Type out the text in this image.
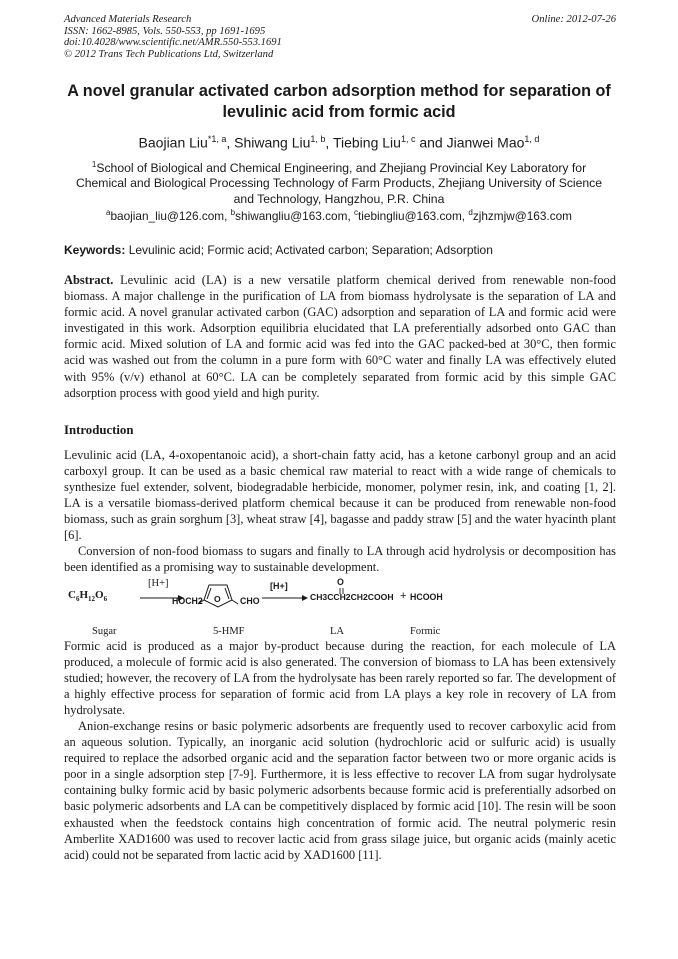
Advanced Materials Research
ISSN: 1662-8985, Vols. 550-553, pp 1691-1695
doi:10.4028/www.scientific.net/AMR.550-553.1691
© 2012 Trans Tech Publications Ltd, Switzerland
Online: 2012-07-26
A novel granular activated carbon adsorption method for separation of
levulinic acid from formic acid
Baojian Liu$^{*1, a}$, Shiwang Liu$^{1, b}$, Tiebing Liu$^{1, c}$ and Jianwei Mao$^{1, d}$
$^1$School of Biological and Chemical Engineering, and Zhejiang Provincial Key Laboratory for
Chemical and Biological Processing Technology of Farm Products, Zhejiang University of Science
and Technology, Hangzhou, P.R. China
$^a$baojian_liu@126.com, $^b$shiwangliu@163.com, $^c$tiebingliu@163.com, $^d$zjhzmjw@163.com
Keywords: Levulinic acid; Formic acid; Activated carbon; Separation; Adsorption
Abstract. Levulinic acid (LA) is a new versatile platform chemical derived from renewable non-food biomass. A major challenge in the purification of LA from biomass hydrolysate is the separation of LA and formic acid. A novel granular activated carbon (GAC) adsorption and separation of LA and formic acid were investigated in this work. Adsorption equilibria elucidated that LA preferentially adsorbed onto GAC than formic acid. Mixed solution of LA and formic acid was fed into the GAC packed-bed at 30°C, then formic acid was washed out from the column in a pure form with 60°C water and finally LA was effectively eluted with 95% (v/v) ethanol at 60°C. LA can be completely separated from formic acid by this simple GAC adsorption process with good yield and high purity.
Introduction
Levulinic acid (LA, 4-oxopentanoic acid), a short-chain fatty acid, has a ketone carbonyl group and an acid carboxyl group. It can be used as a basic chemical raw material to react with a wide range of chemicals to synthesize fuel extender, solvent, biodegradable herbicide, monomer, polymer resin, ink, and coating [1, 2]. LA is a versatile biomass-derived platform chemical because it can be produced from renewable non-food biomass, such as grain sorghum [3], wheat straw [4], bagasse and paddy straw [5] and the water hyacinth plant [6].
Conversion of non-food biomass to sugars and finally to LA through acid hydrolysis or decomposition has been identified as a promising way to sustainable development.
$C_6H_{12}O_6$
[H+]
HOCH2 O CHO
[H+]	O
CH3CCH2CH2COOH + HCOOH
Sugar	5-HMF	LA	Formic
Formic acid is produced as a major by-product because during the reaction, for each molecule of LA produced, a molecule of formic acid is also generated. The conversion of biomass to LA has been extensively studied; however, the recovery of LA from the hydrolysate has been rarely reported so far. The development of a highly effective process for separation of formic acid from LA plays a key role in recovery of LA from hydrolysate.
Anion-exchange resins or basic polymeric adsorbents are frequently used to recover carboxylic acid from an aqueous solution. Typically, an inorganic acid solution (hydrochloric acid or sulfuric acid) is usually required to replace the adsorbed organic acid and the separation factor between two or more organic acids is poor in a single adsorption step [7-9]. Furthermore, it is less effective to recover LA from sugar hydrolysate containing bulky formic acid by basic polymeric adsorbents because formic acid is preferentially adsorbed on basic polymeric adsorbents and LA can be competitively displaced by formic acid [10]. The resin will be soon exhausted when the feedstock contains high concentration of formic acid. The neutral polymeric resin Amberlite XAD1600 was used to recover lactic acid from grass silage juice, but organic acids (mainly acetic acid) could not be separated from lactic acid by XAD1600 [11].
